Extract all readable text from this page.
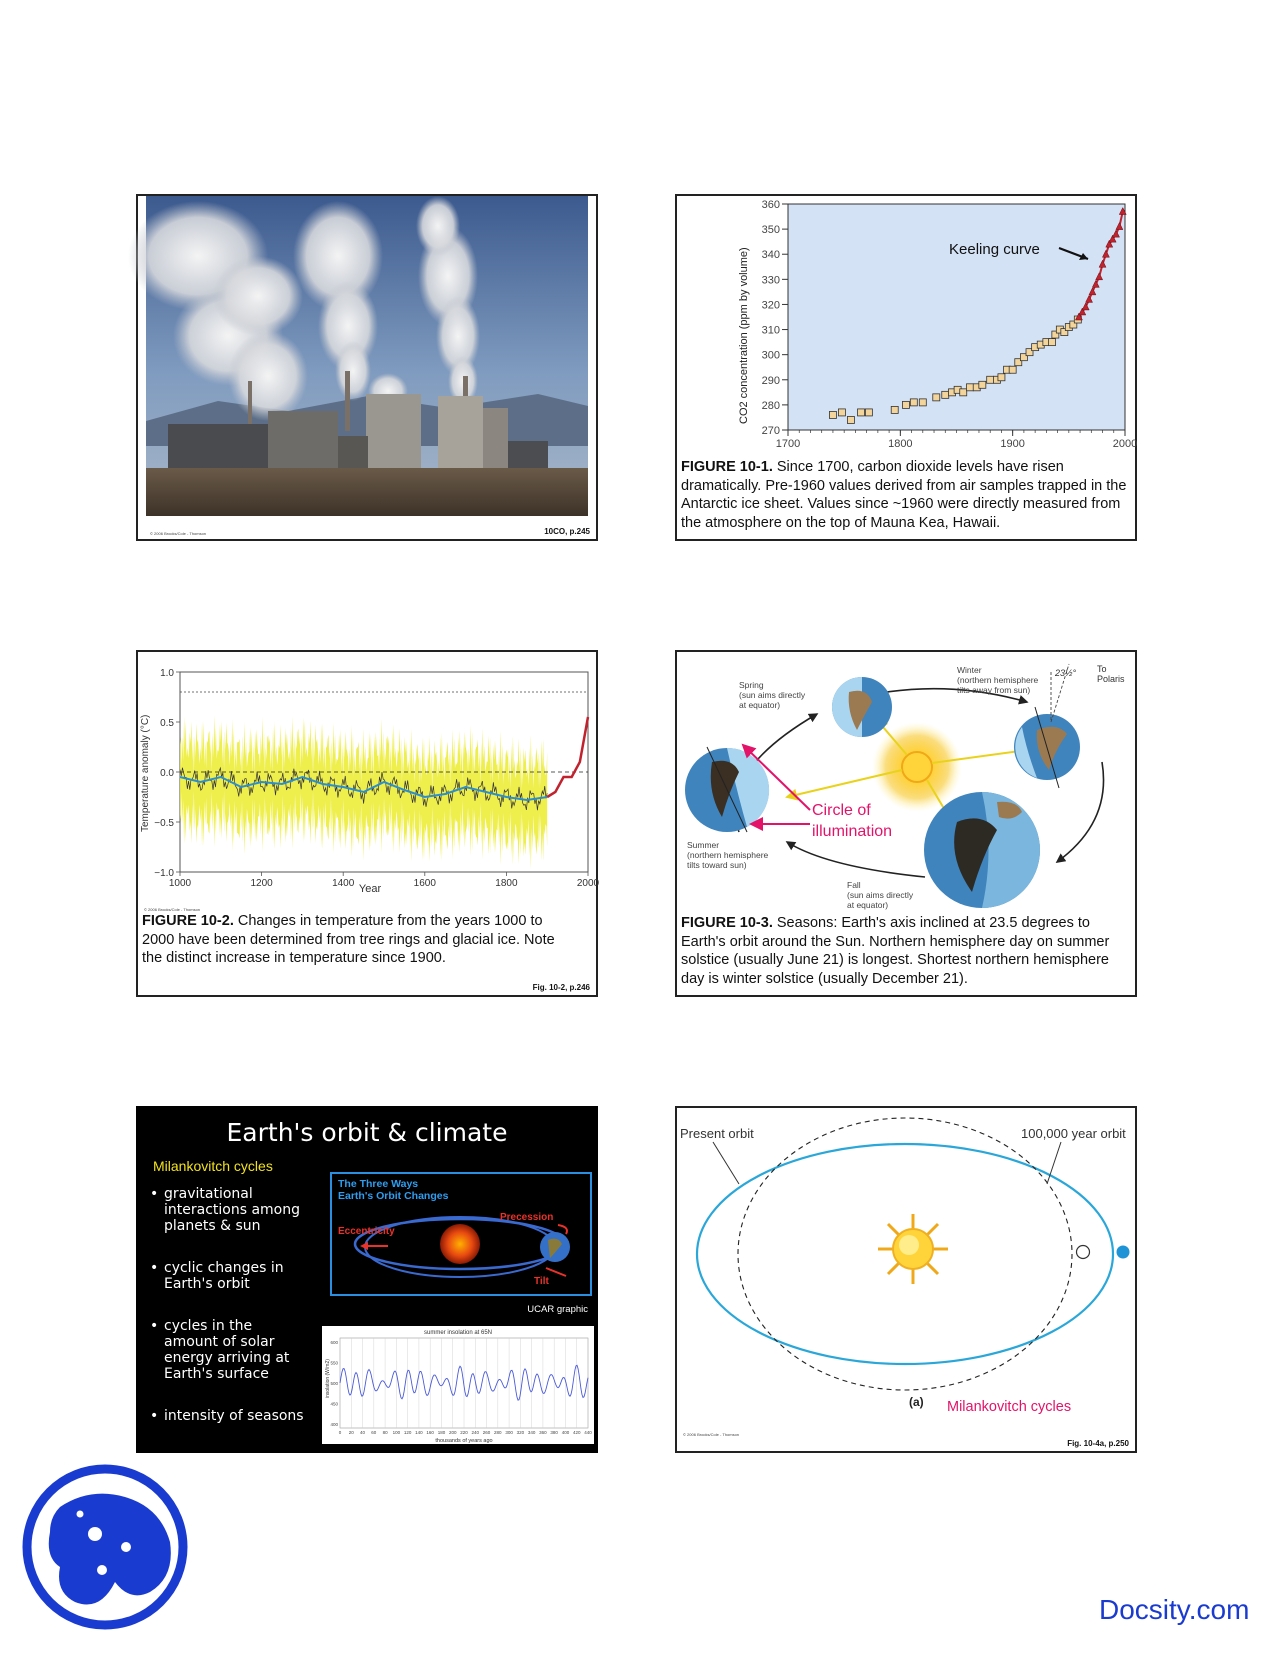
© 2006 Brooks/Cole - Thomson	10CO, p.245
270
280
290
300
310
320
330
340
350
360
1700	1800	1900	2000
CO2 concentration (ppm by volume)	Keeling curve
FIGURE 10-1. Since 1700, carbon dioxide levels have risen dramatically. Pre-1960 values derived from air samples trapped in the Antarctic ice sheet. Values since ~1960 were directly measured from the atmosphere on the top of Mauna Kea, Hawaii.
1.0
0.5
0.0
−0.5
−1.0
1000	1200	1400	1600	1800	2000
Year
Temperature anomaly (°C)
© 2006 Brooks/Cole - Thomson
FIGURE 10-2. Changes in temperature from the years 1000 to 2000 have been determined from tree rings and glacial ice. Note the distinct increase in temperature since 1900.
Fig. 10-2, p.246
Winter (northern hemisphere tilts away from sun)
Spring (sun aims directly at equator)
Summer (northern hemisphere tilts toward sun)
Fall (sun aims directly at equator)
23½° To Polaris
Circle of illumination
FIGURE 10-3. Seasons: Earth's axis inclined at 23.5 degrees to Earth's orbit around the Sun. Northern hemisphere day on summer solstice (usually June 21) is longest. Shortest northern hemisphere day is winter solstice (usually December 21).
Earth's orbit & climate
Milankovitch cycles
• gravitational interactions among planets & sun
• cyclic changes in Earth's orbit
• cycles in the amount of solar energy arriving at Earth's surface
• intensity of seasons
The Three Ways Earth's Orbit Changes
Precession
Eccentricity
Tilt
UCAR graphic
summer insolation at 65N
0 20 40 60 80 100 120 140 160 180 200 220 240 260 280 300 320 340 360 380 400 420 440
600
550
500
450
400
thousands of years ago
insolation (W/m2)
Present orbit	100,000 year orbit
(a) Milankovitch cycles
© 2006 Brooks/Cole - Thomson
Fig. 10-4a, p.250
Docsity.com
